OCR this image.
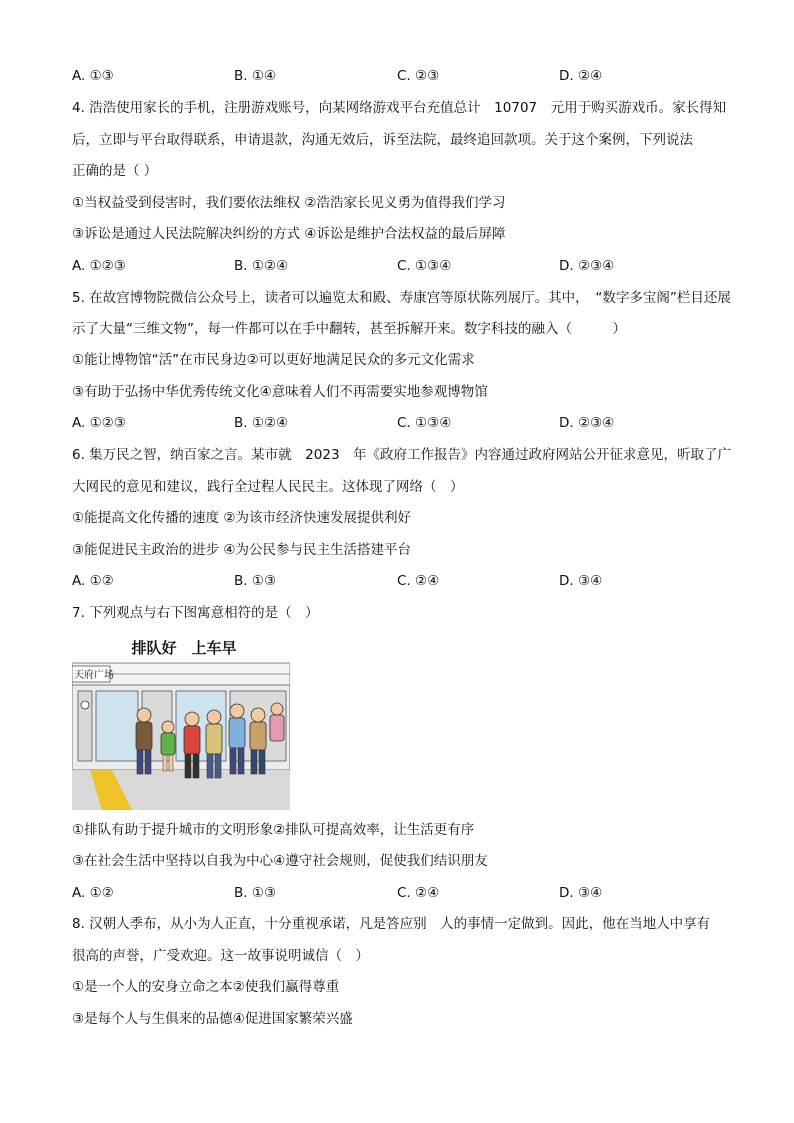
A. ①③	B. ①④	C. ②③	D. ②④
4. 浩浩使用家长的手机，注册游戏账号，向某网络游戏平台充值总计　10707　元用于购买游戏币。家长得知
后，立即与平台取得联系，申请退款，沟通无效后，诉至法院，最终追回款项。关于这个案例，下列说法
正确的是（ ）
①当权益受到侵害时，我们要依法维权 ②浩浩家长见义勇为值得我们学习
③诉讼是通过人民法院解决纠纷的方式 ④诉讼是维护合法权益的最后屏障
A. ①②③	B. ①②④	C. ①③④	D. ②③④
5. 在故宫博物院微信公众号上，读者可以遍览太和殿、寿康宫等原状陈列展厅。其中，　“数字多宝阁”栏目还展
示了大量“三维文物”，每一件都可以在手中翻转，甚至拆解开来。数字科技的融入（　　　）
①能让博物馆“活”在市民身边②可以更好地满足民众的多元文化需求
③有助于弘扬中华优秀传统文化④意味着人们不再需要实地参观博物馆
A. ①②③	B. ①②④	C. ①③④	D. ②③④
6. 集万民之智，纳百家之言。某市就　2023　年《政府工作报告》内容通过政府网站公开征求意见，听取了广
大网民的意见和建议，践行全过程人民民主。这体现了网络（　）
①能提高文化传播的速度 ②为该市经济快速发展提供利好
③能促进民主政治的进步 ④为公民参与民主生活搭建平台
A. ①②	B. ①③	C. ②④	D. ③④
7. 下列观点与右下图寓意相符的是（　）
排队好　上车早
天府广场
①排队有助于提升城市的文明形象②排队可提高效率，让生活更有序
③在社会生活中坚持以自我为中心④遵守社会规则，促使我们结识朋友
A. ①②	B. ①③	C. ②④	D. ③④
8. 汉朝人季布，从小为人正直，十分重视承诺，凡是答应别　人的事情一定做到。因此，他在当地人中享有
很高的声誉，广受欢迎。这一故事说明诚信（　）
①是一个人的安身立命之本②使我们赢得尊重
③是每个人与生俱来的品德④促进国家繁荣兴盛
